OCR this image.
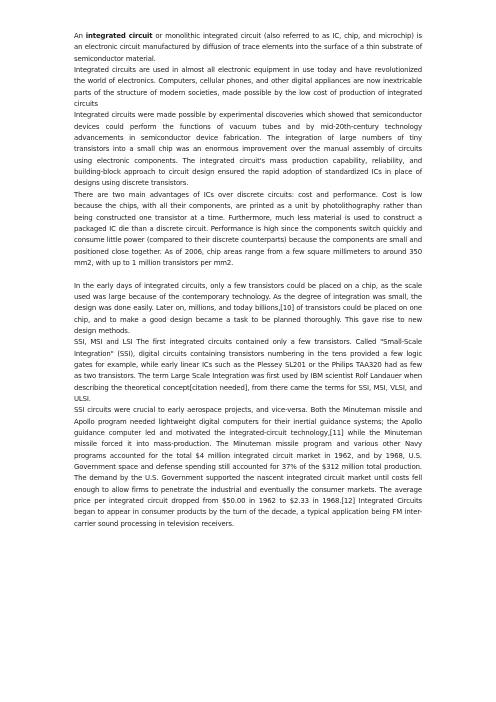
An integrated circuit or monolithic integrated circuit (also referred to as IC, chip, and microchip) is an electronic circuit manufactured by diffusion of trace elements into the surface of a thin substrate of semiconductor material.

Integrated circuits are used in almost all electronic equipment in use today and have revolutionized the world of electronics. Computers, cellular phones, and other digital appliances are now inextricable parts of the structure of modern societies, made possible by the low cost of production of integrated circuits

Integrated circuits were made possible by experimental discoveries which showed that semiconductor devices could perform the functions of vacuum tubes and by mid-20th-century technology advancements in semiconductor device fabrication. The integration of large numbers of tiny transistors into a small chip was an enormous improvement over the manual assembly of circuits using electronic components. The integrated circuit's mass production capability, reliability, and building-block approach to circuit design ensured the rapid adoption of standardized ICs in place of designs using discrete transistors.

There are two main advantages of ICs over discrete circuits: cost and performance. Cost is low because the chips, with all their components, are printed as a unit by photolithography rather than being constructed one transistor at a time. Furthermore, much less material is used to construct a packaged IC die than a discrete circuit. Performance is high since the components switch quickly and consume little power (compared to their discrete counterparts) because the components are small and positioned close together. As of 2006, chip areas range from a few square millimeters to around 350 mm2, with up to 1 million transistors per mm2.

In the early days of integrated circuits, only a few transistors could be placed on a chip, as the scale used was large because of the contemporary technology. As the degree of integration was small, the design was done easily. Later on, millions, and today billions,[10] of transistors could be placed on one chip, and to make a good design became a task to be planned thoroughly. This gave rise to new design methods.

SSI, MSI and LSI The first integrated circuits contained only a few transistors. Called "Small-Scale Integration" (SSI), digital circuits containing transistors numbering in the tens provided a few logic gates for example, while early linear ICs such as the Plessey SL201 or the Philips TAA320 had as few as two transistors. The term Large Scale Integration was first used by IBM scientist Rolf Landauer when describing the theoretical concept[citation needed], from there came the terms for SSI, MSI, VLSI, and ULSI.

SSI circuits were crucial to early aerospace projects, and vice-versa. Both the Minuteman missile and Apollo program needed lightweight digital computers for their inertial guidance systems; the Apollo guidance computer led and motivated the integrated-circuit technology,[11] while the Minuteman missile forced it into mass-production. The Minuteman missile program and various other Navy programs accounted for the total $4 million integrated circuit market in 1962, and by 1968, U.S. Government space and defense spending still accounted for 37% of the $312 million total production. The demand by the U.S. Government supported the nascent integrated circuit market until costs fell enough to allow firms to penetrate the industrial and eventually the consumer markets. The average price per integrated circuit dropped from $50.00 in 1962 to $2.33 in 1968.[12] Integrated Circuits began to appear in consumer products by the turn of the decade, a typical application being FM inter-carrier sound processing in television receivers.
